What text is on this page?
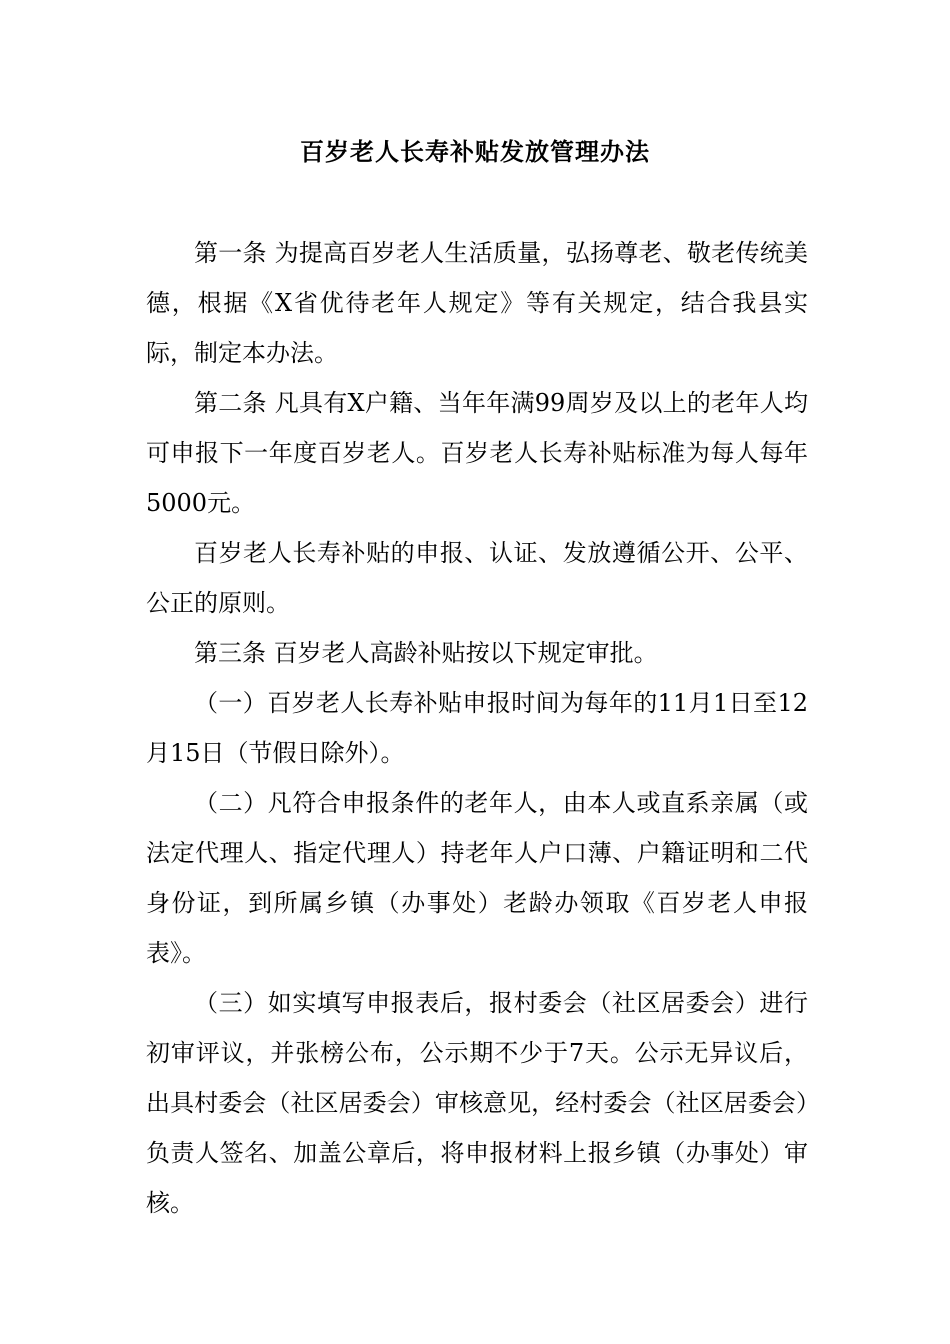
百岁老人长寿补贴发放管理办法

第一条 为提高百岁老人生活质量，弘扬尊老、敬老传统美德，根据《X省优待老年人规定》等有关规定，结合我县实际，制定本办法。

第二条 凡具有X户籍、当年年满99周岁及以上的老年人均可申报下一年度百岁老人。百岁老人长寿补贴标准为每人每年5000元。

百岁老人长寿补贴的申报、认证、发放遵循公开、公平、公正的原则。

第三条 百岁老人高龄补贴按以下规定审批。

（一）百岁老人长寿补贴申报时间为每年的11月1日至12月15日（节假日除外）。

（二）凡符合申报条件的老年人，由本人或直系亲属（或法定代理人、指定代理人）持老年人户口薄、户籍证明和二代身份证，到所属乡镇（办事处）老龄办领取《百岁老人申报表》。

（三）如实填写申报表后，报村委会（社区居委会）进行初审评议，并张榜公布，公示期不少于7天。公示无异议后，出具村委会（社区居委会）审核意见，经村委会（社区居委会）负责人签名、加盖公章后，将申报材料上报乡镇（办事处）审核。
